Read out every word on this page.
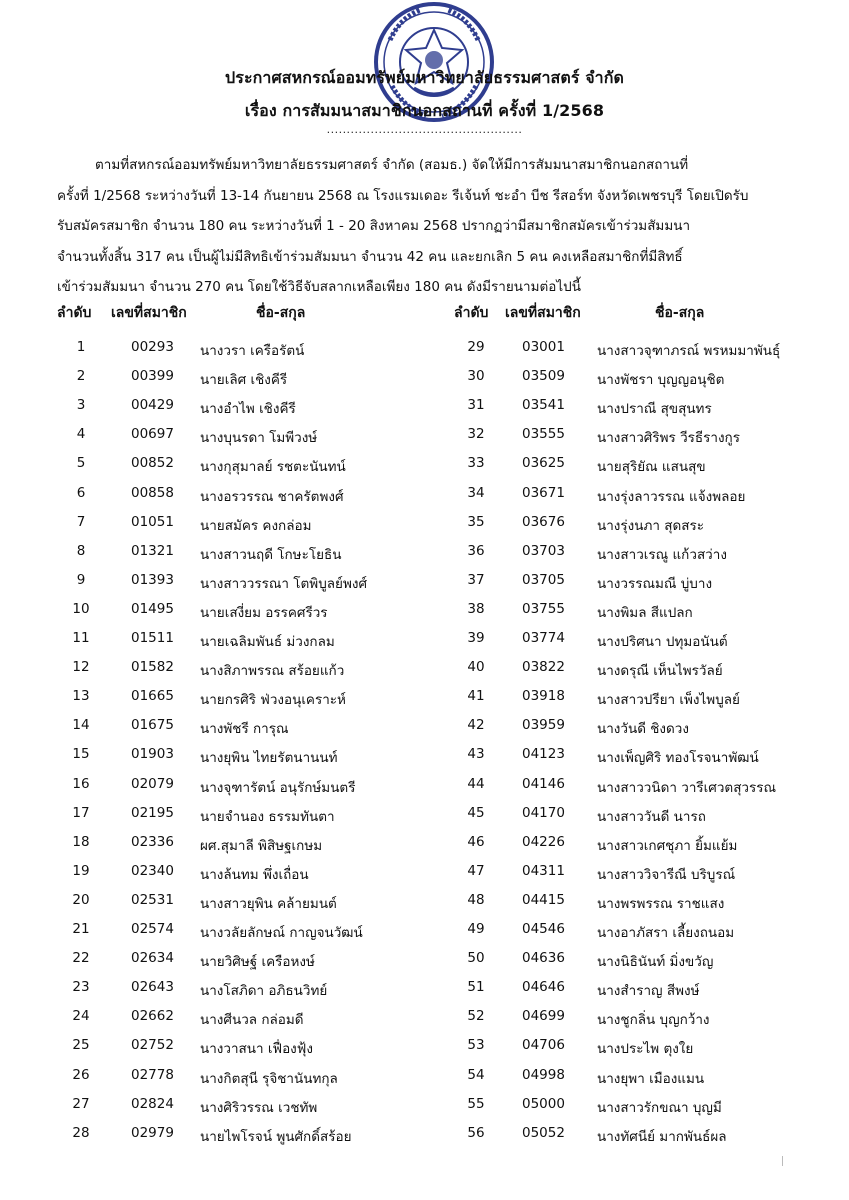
ประกาศสหกรณ์ออมทรัพย์มหาวิทยาลัยธรรมศาสตร์ จำกัด
เรื่อง การสัมมนาสมาชิกนอกสถานที่ ครั้งที่ 1/2568
.................................................

ตามที่สหกรณ์ออมทรัพย์มหาวิทยาลัยธรรมศาสตร์ จำกัด (สอมธ.) จัดให้มีการสัมมนาสมาชิกนอกสถานที่

ครั้งที่ 1/2568 ระหว่างวันที่ 13-14 กันยายน 2568 ณ โรงแรมเดอะ รีเจ้นท์ ชะอำ บีช รีสอร์ท จังหวัดเพชรบุรี โดยเปิดรับ

รับสมัครสมาชิก จำนวน 180 คน ระหว่างวันที่ 1 - 20 สิงหาคม 2568 ปรากฏว่ามีสมาชิกสมัครเข้าร่วมสัมมนา

จำนวนทั้งสิ้น 317 คน เป็นผู้ไม่มีสิทธิเข้าร่วมสัมมนา จำนวน 42 คน และยกเลิก 5 คน คงเหลือสมาชิกที่มีสิทธิ์

เข้าร่วมสัมมนา จำนวน 270 คน โดยใช้วิธีจับสลากเหลือเพียง 180 คน ดังมีรายนามต่อไปนี้

ลำดับ เลขที่สมาชิก	ชื่อ-สกุล	ลำดับ เลขที่สมาชิก	ชื่อ-สกุล
1	00293	นางวรา เครือรัตน์
2	00399	นายเลิศ เชิงคีรี
3	00429	นางอำไพ เชิงคีรี
4	00697	นางบุนรดา โมพีวงษ์
5	00852	นางกุสุมาลย์ รชตะนันทน์
6	00858	นางอรวรรณ ชาครัตพงศ์
7	01051	นายสมัคร คงกล่อม
8	01321	นางสาวนฤดี โกษะโยธิน
9	01393	นางสาววรรณา โตพิบูลย์พงศ์
10	01495	นายเสงี่ยม อรรคศรีวร
11	01511	นายเฉลิมพันธ์ ม่วงกลม
12	01582	นางสิภาพรรณ สร้อยแก้ว
13	01665	นายกรศิริ ฟ่วงอนุเคราะห์
14	01675	นางพัชรี การุณ
15	01903	นางยุพิน ไทยรัตนานนท์
16	02079	นางจุฑารัตน์ อนุรักษ์มนตรี
17	02195	นายจำนอง ธรรมทันตา
18	02336	ผศ.สุมาลี พิสิษฐเกษม
19	02340	นางล้นทม พึ่งเถื่อน
20	02531	นางสาวยุพิน คล้ายมนต์
21	02574	นางวลัยลักษณ์ กาญจนวัฒน์
22	02634	นายวิศิษฐ์ เครือหงษ์
23	02643	นางโสภิดา อภิธนวิทย์
24	02662	นางศีนวล กล่อมดี
25	02752	นางวาสนา เฟื่องฟุ้ง
26	02778	นางกิตสุนี รุจิชานันทกุล
27	02824	นางศิริวรรณ เวชทัพ
28	02979	นายไพโรจน์ พูนศักดิ์สร้อย
29	03001	นางสาวจุฑาภรณ์ พรหมมาพันธุ์
30	03509	นางพัชรา บุญญอนุชิต
31	03541	นางปราณี สุขสุนทร
32	03555	นางสาวศิริพร วีรธีรางกูร
33	03625	นายสุริยัณ แสนสุข
34	03671	นางรุ่งลาวรรณ แจ้งพลอย
35	03676	นางรุ่งนภา สุดสระ
36	03703	นางสาวเรณู แก้วสว่าง
37	03705	นางวรรณมณี บู่บาง
38	03755	นางพิมล สีแปลก
39	03774	นางปริศนา ปทุมอนันต์
40	03822	นางดรุณี เห็นไพรวัลย์
41	03918	นางสาวปรียา เพ็งไพบูลย์
42	03959	นางวันดี ชิงดวง
43	04123	นางเพ็ญศิริ ทองโรจนาพัฒน์
44	04146	นางสาววนิดา วารีเศวตสุวรรณ
45	04170	นางสาววันดี นารถ
46	04226	นางสาวเกศชุภา ยิ้มแย้ม
47	04311	นางสาววิจารีณี บริบูรณ์
48	04415	นางพรพรรณ ราชแสง
49	04546	นางอาภัสรา เลี้ยงถนอม
50	04636	นางนิธินันท์ มิ่งขวัญ
51	04646	นางสำราญ สีพงษ์
52	04699	นางชูกลิ่น บุญกว้าง
53	04706	นางประไพ ตุงใย
54	04998	นางยุพา เมืองแมน
55	05000	นางสาวรักขณา บุญมี
56	05052	นางทัศนีย์ มากพันธ์ผล
